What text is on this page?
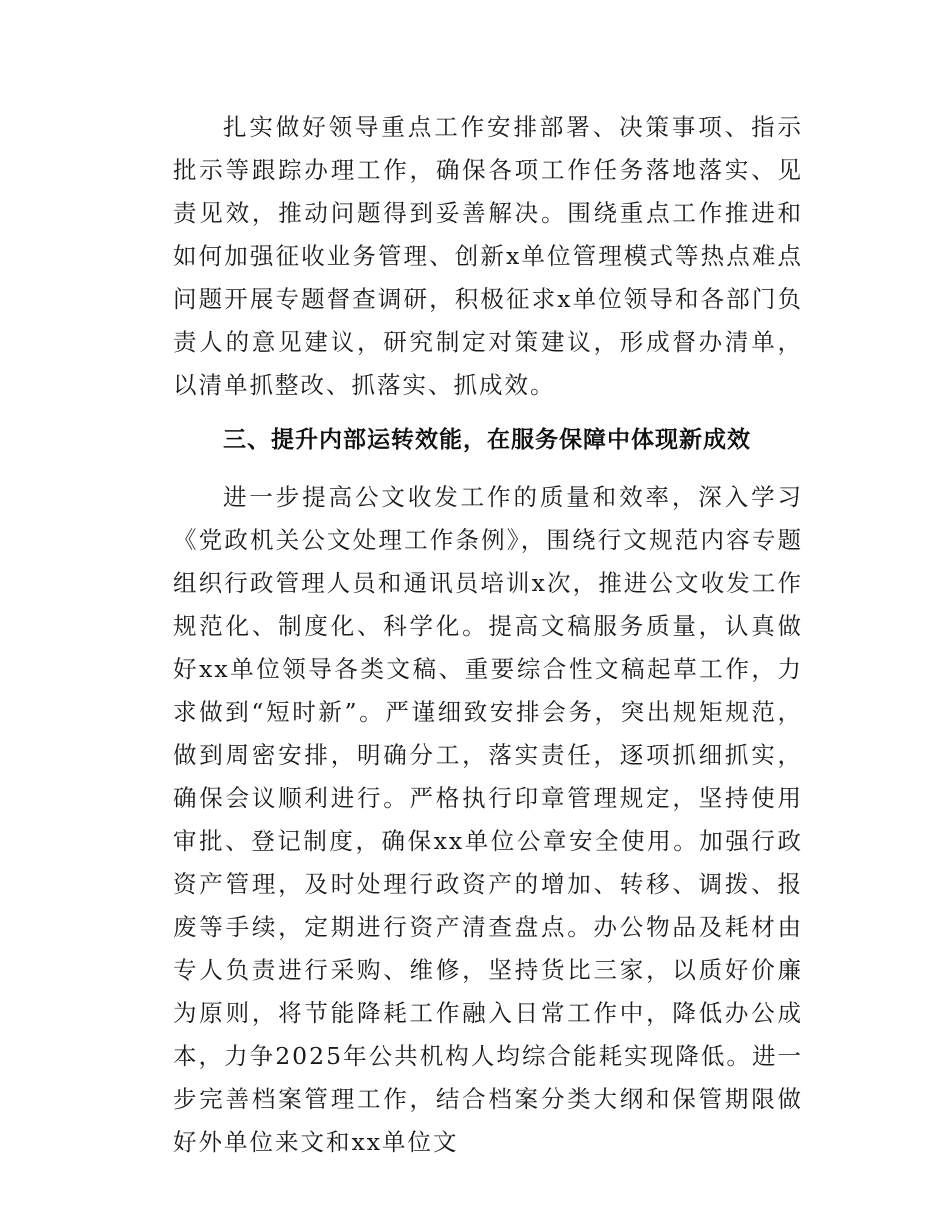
扎实做好领导重点工作安排部署、决策事项、指示批示等跟踪办理工作，确保各项工作任务落地落实、见责见效，推动问题得到妥善解决。围绕重点工作推进和如何加强征收业务管理、创新x单位管理模式等热点难点问题开展专题督查调研，积极征求x单位领导和各部门负责人的意见建议，研究制定对策建议，形成督办清单，以清单抓整改、抓落实、抓成效。

三、提升内部运转效能，在服务保障中体现新成效

进一步提高公文收发工作的质量和效率，深入学习《党政机关公文处理工作条例》，围绕行文规范内容专题组织行政管理人员和通讯员培训x次，推进公文收发工作规范化、制度化、科学化。提高文稿服务质量，认真做好xx单位领导各类文稿、重要综合性文稿起草工作，力求做到“短时新”。严谨细致安排会务，突出规矩规范，做到周密安排，明确分工，落实责任，逐项抓细抓实，确保会议顺利进行。严格执行印章管理规定，坚持使用审批、登记制度，确保xx单位公章安全使用。加强行政资产管理，及时处理行政资产的增加、转移、调拨、报废等手续，定期进行资产清查盘点。办公物品及耗材由专人负责进行采购、维修，坚持货比三家，以质好价廉为原则，将节能降耗工作融入日常工作中，降低办公成本，力争2025年公共机构人均综合能耗实现降低。进一步完善档案管理工作，结合档案分类大纲和保管期限做好外单位来文和xx单位文
